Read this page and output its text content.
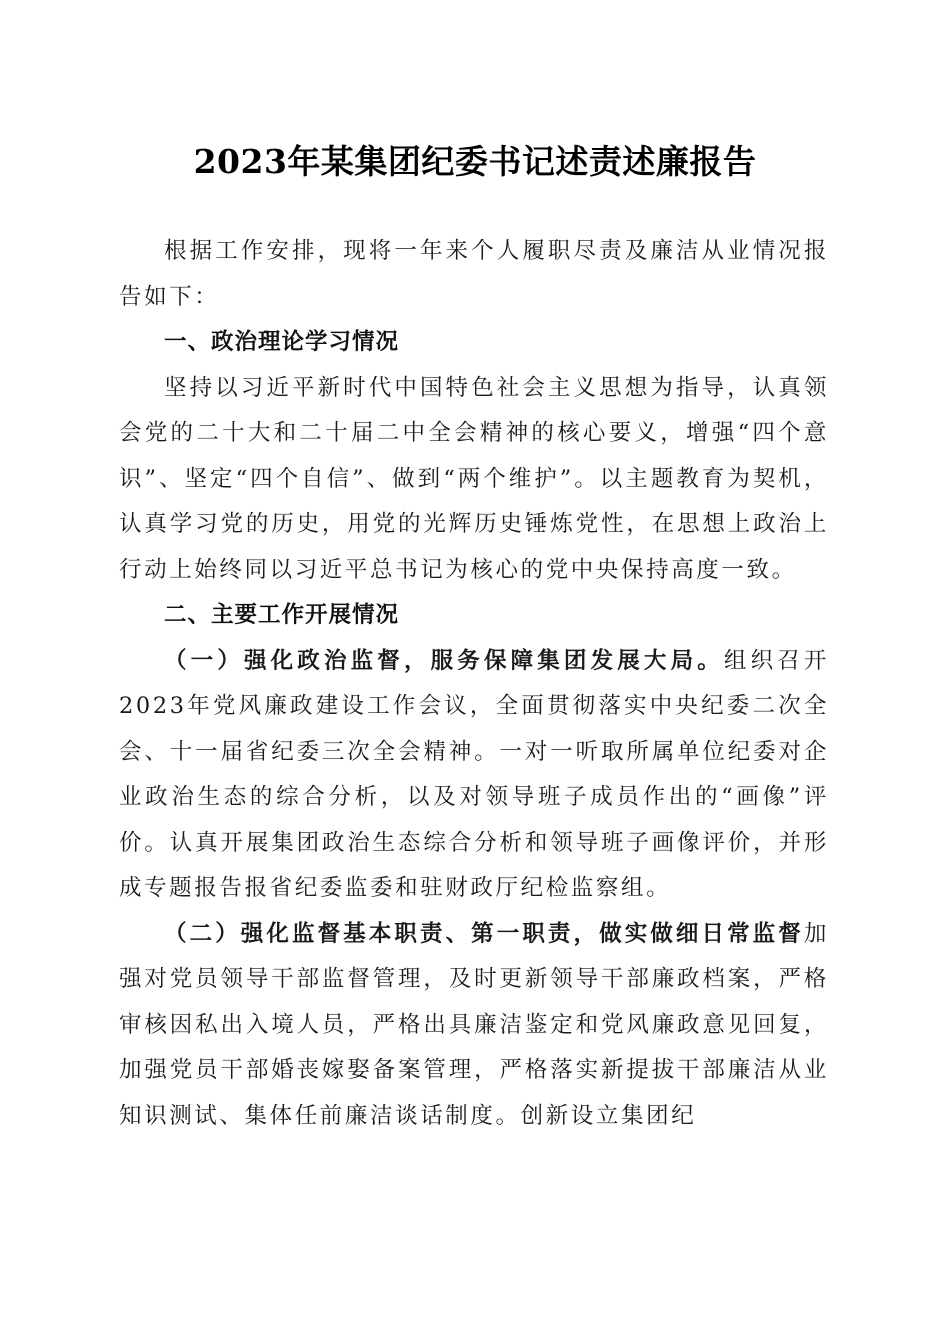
2023年某集团纪委书记述责述廉报告

根据工作安排，现将一年来个人履职尽责及廉洁从业情况报告如下：

一、政治理论学习情况

坚持以习近平新时代中国特色社会主义思想为指导，认真领会党的二十大和二十届二中全会精神的核心要义，增强“四个意识”、坚定“四个自信”、做到“两个维护”。以主题教育为契机，认真学习党的历史，用党的光辉历史锤炼党性，在思想上政治上行动上始终同以习近平总书记为核心的党中央保持高度一致。

二、主要工作开展情况

（一）强化政治监督，服务保障集团发展大局。组织召开2023年党风廉政建设工作会议，全面贯彻落实中央纪委二次全会、十一届省纪委三次全会精神。一对一听取所属单位纪委对企业政治生态的综合分析，以及对领导班子成员作出的“画像”评价。认真开展集团政治生态综合分析和领导班子画像评价，并形成专题报告报省纪委监委和驻财政厅纪检监察组。

（二）强化监督基本职责、第一职责，做实做细日常监督加强对党员领导干部监督管理，及时更新领导干部廉政档案，严格审核因私出入境人员，严格出具廉洁鉴定和党风廉政意见回复，加强党员干部婚丧嫁娶备案管理，严格落实新提拔干部廉洁从业知识测试、集体任前廉洁谈话制度。创新设立集团纪
